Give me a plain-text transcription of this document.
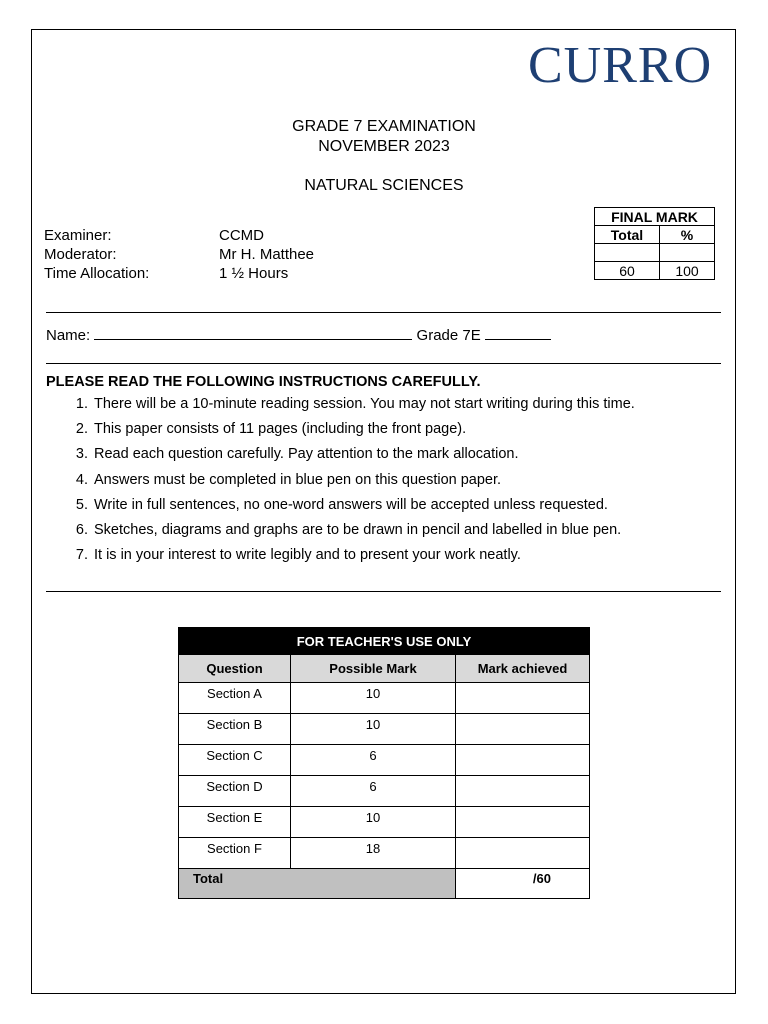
CURRO
GRADE 7 EXAMINATION
NOVEMBER 2023
NATURAL SCIENCES
Examiner:	CCMD
Moderator:	Mr H. Matthee
Time Allocation:	1 ½ Hours
FINAL MARK	
Total	%

60	100
Name:	Grade 7E
PLEASE READ THE FOLLOWING INSTRUCTIONS CAREFULLY.
1. There will be a 10-minute reading session. You may not start writing during this time.
2. This paper consists of 11 pages (including the front page).
3. Read each question carefully. Pay attention to the mark allocation.
4. Answers must be completed in blue pen on this question paper.
5. Write in full sentences, no one-word answers will be accepted unless requested.
6. Sketches, diagrams and graphs are to be drawn in pencil and labelled in blue pen.
7. It is in your interest to write legibly and to present your work neatly.
FOR TEACHER'S USE ONLY		
Question	Possible Mark	Mark achieved
Section A	10	
Section B	10	
Section C	6	
Section D	6	
Section E	10	
Section F	18	
Total		/60
